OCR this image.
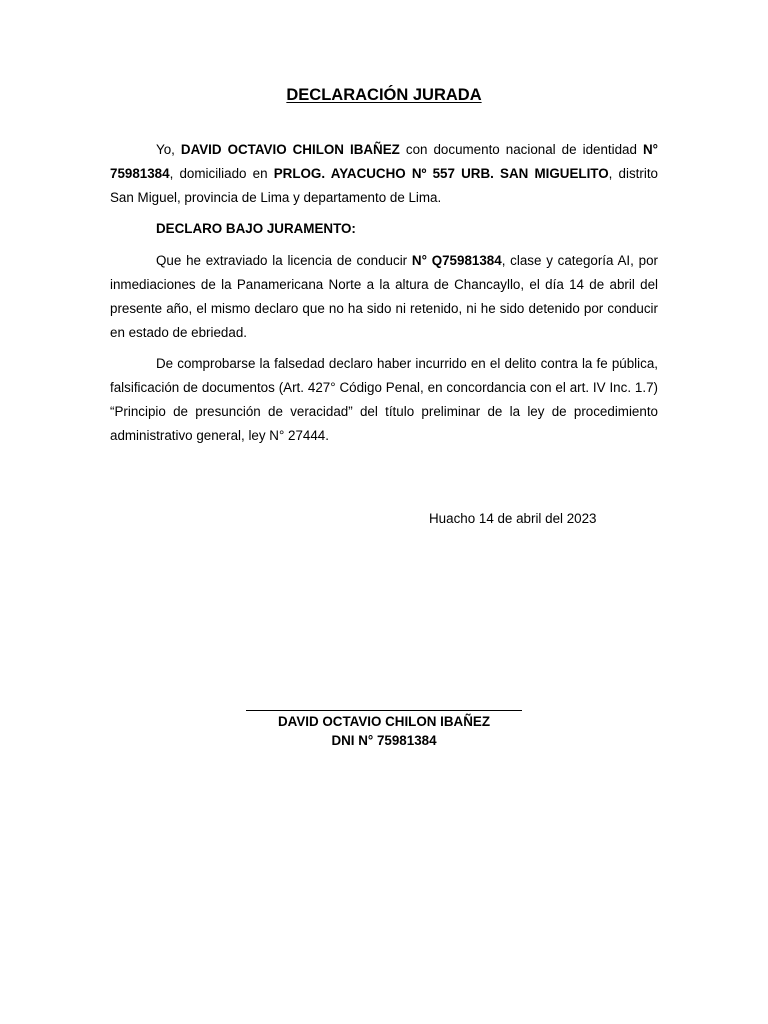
DECLARACIÓN JURADA

Yo, DAVID OCTAVIO CHILON IBAÑEZ con documento nacional de identidad N° 75981384, domiciliado en PRLOG. AYACUCHO Nº 557 URB. SAN MIGUELITO, distrito San Miguel, provincia de Lima y departamento de Lima.

DECLARO BAJO JURAMENTO:

Que he extraviado la licencia de conducir N° Q75981384, clase y categoría AI, por inmediaciones de la Panamericana Norte a la altura de Chancayllo, el día 14 de abril del presente año, el mismo declaro que no ha sido ni retenido, ni he sido detenido por conducir en estado de ebriedad.

De comprobarse la falsedad declaro haber incurrido en el delito contra la fe pública, falsificación de documentos (Art. 427° Código Penal, en concordancia con el art. IV Inc. 1.7) “Principio de presunción de veracidad” del título preliminar de la ley de procedimiento administrativo general, ley N° 27444.

Huacho 14 de abril del 2023
DAVID OCTAVIO CHILON IBAÑEZ
DNI N° 75981384
